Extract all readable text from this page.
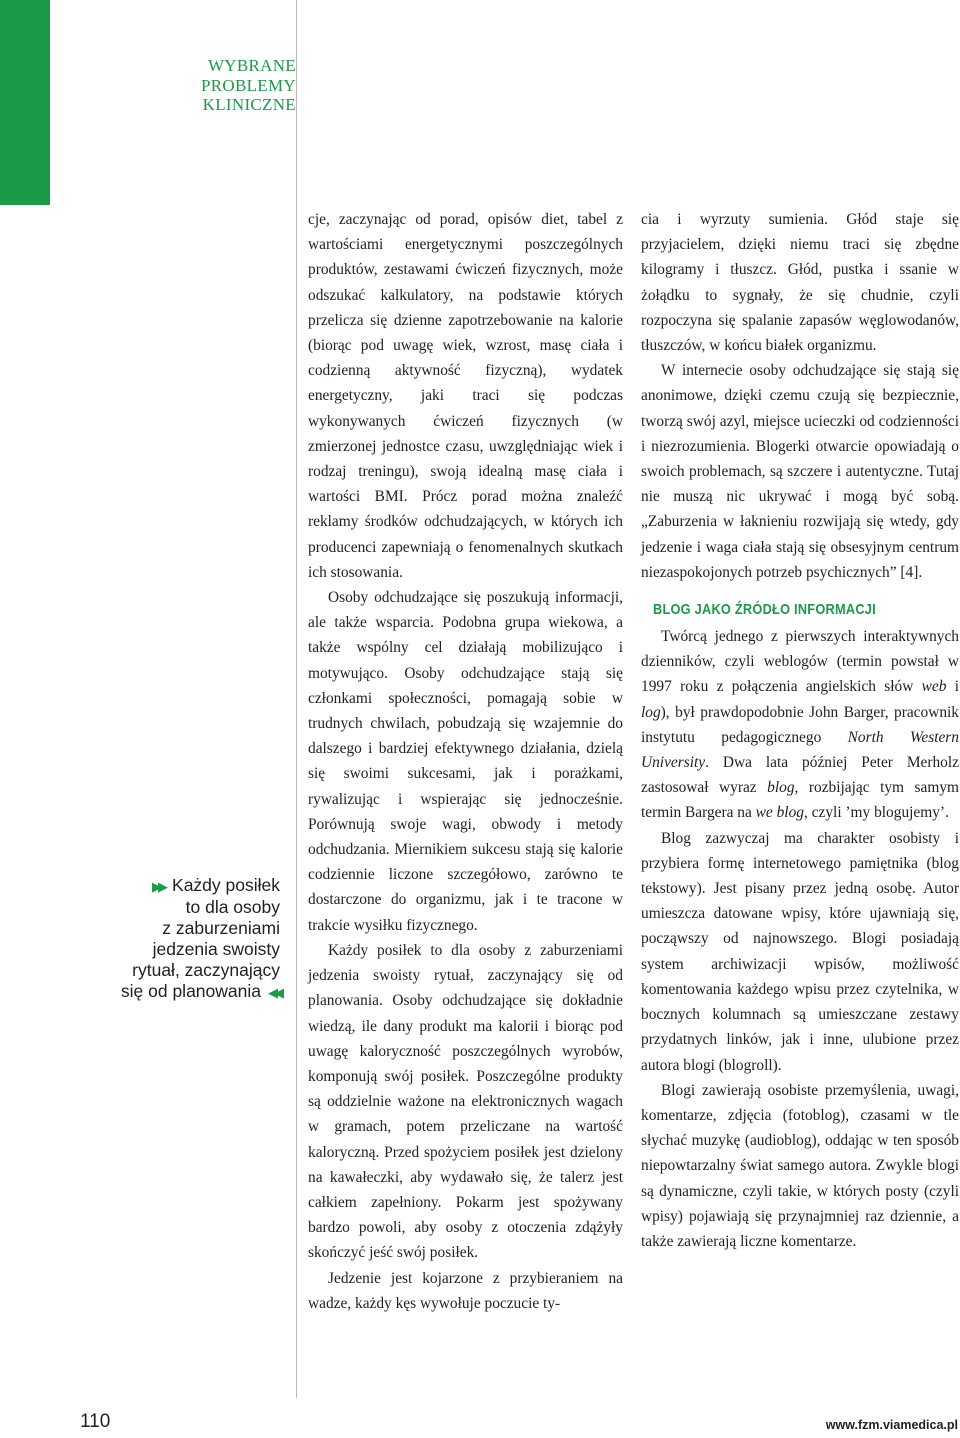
WYBRANE
PROBLEMY
KLINICZNE
▶▶ Każdy posiłek
to dla osoby
z zaburzeniami
jedzenia swoisty
rytuał, zaczynający
się od planowania ◀◀

cje, zaczynając od porad, opisów diet, tabel z wartościami energetycznymi poszczególnych produktów, zestawami ćwiczeń fizycznych, może odszukać kalkulatory, na podstawie których przelicza się dzienne zapotrzebowanie na kalorie (biorąc pod uwagę wiek, wzrost, masę ciała i codzienną aktywność fizyczną), wydatek energetyczny, jaki traci się podczas wykonywanych ćwiczeń fizycznych (w zmierzonej jednostce czasu, uwzględniając wiek i rodzaj treningu), swoją idealną masę ciała i wartości BMI. Prócz porad można znaleźć reklamy środków odchudzających, w których ich producenci zapewniają o fenomenalnych skutkach ich stosowania.

Osoby odchudzające się poszukują informacji, ale także wsparcia. Podobna grupa wiekowa, a także wspólny cel działają mobilizująco i motywująco. Osoby odchudzające stają się członkami społeczności, pomagają sobie w trudnych chwilach, pobudzają się wzajemnie do dalszego i bardziej efektywnego działania, dzielą się swoimi sukcesami, jak i porażkami, rywalizując i wspierając się jednocześnie. Porównują swoje wagi, obwody i metody odchudzania. Miernikiem sukcesu stają się kalorie codziennie liczone szczegółowo, zarówno te dostarczone do organizmu, jak i te tracone w trakcie wysiłku fizycznego.

Każdy posiłek to dla osoby z zaburzeniami jedzenia swoisty rytuał, zaczynający się od planowania. Osoby odchudzające się dokładnie wiedzą, ile dany produkt ma kalorii i biorąc pod uwagę kaloryczność poszczególnych wyrobów, komponują swój posiłek. Poszczególne produkty są oddzielnie ważone na elektronicznych wagach w gramach, potem przeliczane na wartość kaloryczną. Przed spożyciem posiłek jest dzielony na kawałeczki, aby wydawało się, że talerz jest całkiem zapełniony. Pokarm jest spożywany bardzo powoli, aby osoby z otoczenia zdążyły skończyć jeść swój posiłek.

Jedzenie jest kojarzone z przybieraniem na wadze, każdy kęs wywołuje poczucie ty-

cia i wyrzuty sumienia. Głód staje się przyjacielem, dzięki niemu traci się zbędne kilogramy i tłuszcz. Głód, pustka i ssanie w żołądku to sygnały, że się chudnie, czyli rozpoczyna się spalanie zapasów węglowodanów, tłuszczów, w końcu białek organizmu.

W internecie osoby odchudzające się stają się anonimowe, dzięki czemu czują się bezpiecznie, tworzą swój azyl, miejsce ucieczki od codzienności i niezrozumienia. Blogerki otwarcie opowiadają o swoich problemach, są szczere i autentyczne. Tutaj nie muszą nic ukrywać i mogą być sobą. „Zaburzenia w łaknieniu rozwijają się wtedy, gdy jedzenie i waga ciała stają się obsesyjnym centrum niezaspokojonych potrzeb psychicznych” [4].

BLOG JAKO ŹRÓDŁO INFORMACJI

Twórcą jednego z pierwszych interaktywnych dzienników, czyli weblogów (termin powstał w 1997 roku z połączenia angielskich słów web i log), był prawdopodobnie John Barger, pracownik instytutu pedagogicznego North Western University. Dwa lata później Peter Merholz zastosował wyraz blog, rozbijając tym samym termin Bargera na we blog, czyli ’my blogujemy’.

Blog zazwyczaj ma charakter osobisty i przybiera formę internetowego pamiętnika (blog tekstowy). Jest pisany przez jedną osobę. Autor umieszcza datowane wpisy, które ujawniają się, począwszy od najnowszego. Blogi posiadają system archiwizacji wpisów, możliwość komentowania każdego wpisu przez czytelnika, w bocznych kolumnach są umieszczane zestawy przydatnych linków, jak i inne, ulubione przez autora blogi (blogroll).

Blogi zawierają osobiste przemyślenia, uwagi, komentarze, zdjęcia (fotoblog), czasami w tle słychać muzykę (audioblog), oddając w ten sposób niepowtarzalny świat samego autora. Zwykle blogi są dynamiczne, czyli takie, w których posty (czyli wpisy) pojawiają się przynajmniej raz dziennie, a także zawierają liczne komentarze.

110	www.fzm.viamedica.pl
